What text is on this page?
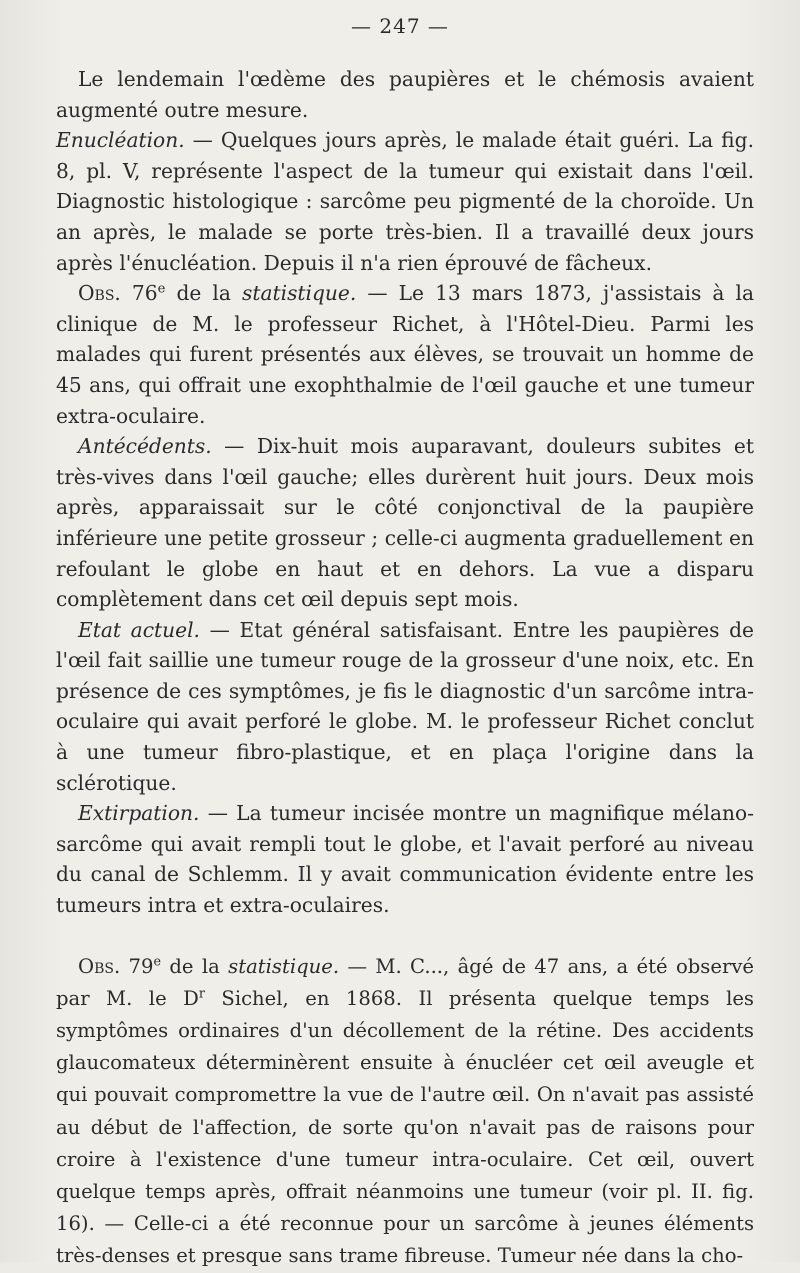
— 247 —

Le lendemain l'œdème des paupières et le chémosis avaient augmenté outre mesure.

Enucléation. — Quelques jours après, le malade était guéri. La fig. 8, pl. V, représente l'aspect de la tumeur qui existait dans l'œil. Diagnostic histologique : sarcôme peu pigmenté de la choroïde. Un an après, le malade se porte très-bien. Il a travaillé deux jours après l'énucléation. Depuis il n'a rien éprouvé de fâcheux.

Obs. 76e de la statistique. — Le 13 mars 1873, j'assistais à la clinique de M. le professeur Richet, à l'Hôtel-Dieu. Parmi les malades qui furent présentés aux élèves, se trouvait un homme de 45 ans, qui offrait une exophthalmie de l'œil gauche et une tumeur extra-oculaire.

Antécédents. — Dix-huit mois auparavant, douleurs subites et très-vives dans l'œil gauche; elles durèrent huit jours. Deux mois après, apparaissait sur le côté conjonctival de la paupière inférieure une petite grosseur ; celle-ci augmenta graduellement en refoulant le globe en haut et en dehors. La vue a disparu complètement dans cet œil depuis sept mois.

Etat actuel. — Etat général satisfaisant. Entre les paupières de l'œil fait saillie une tumeur rouge de la grosseur d'une noix, etc. En présence de ces symptômes, je fis le diagnostic d'un sarcôme intra-oculaire qui avait perforé le globe. M. le professeur Richet conclut à une tumeur fibro-plastique, et en plaça l'origine dans la sclérotique.

Extirpation. — La tumeur incisée montre un magnifique mélano-sarcôme qui avait rempli tout le globe, et l'avait perforé au niveau du canal de Schlemm. Il y avait communication évidente entre les tumeurs intra et extra-oculaires.

Obs. 79e de la statistique. — M. C..., âgé de 47 ans, a été observé par M. le $D^r$ Sichel, en 1868. Il présenta quelque temps les symptômes ordinaires d'un décollement de la rétine. Des accidents glaucomateux déterminèrent ensuite à énucléer cet œil aveugle et qui pouvait compromettre la vue de l'autre œil. On n'avait pas assisté au début de l'affection, de sorte qu'on n'avait pas de raisons pour croire à l'existence d'une tumeur intra-oculaire. Cet œil, ouvert quelque temps après, offrait néanmoins une tumeur (voir pl. II. fig. 16). — Celle-ci a été reconnue pour un sarcôme à jeunes éléments très-denses et presque sans trame fibreuse. Tumeur née dans la cho-
